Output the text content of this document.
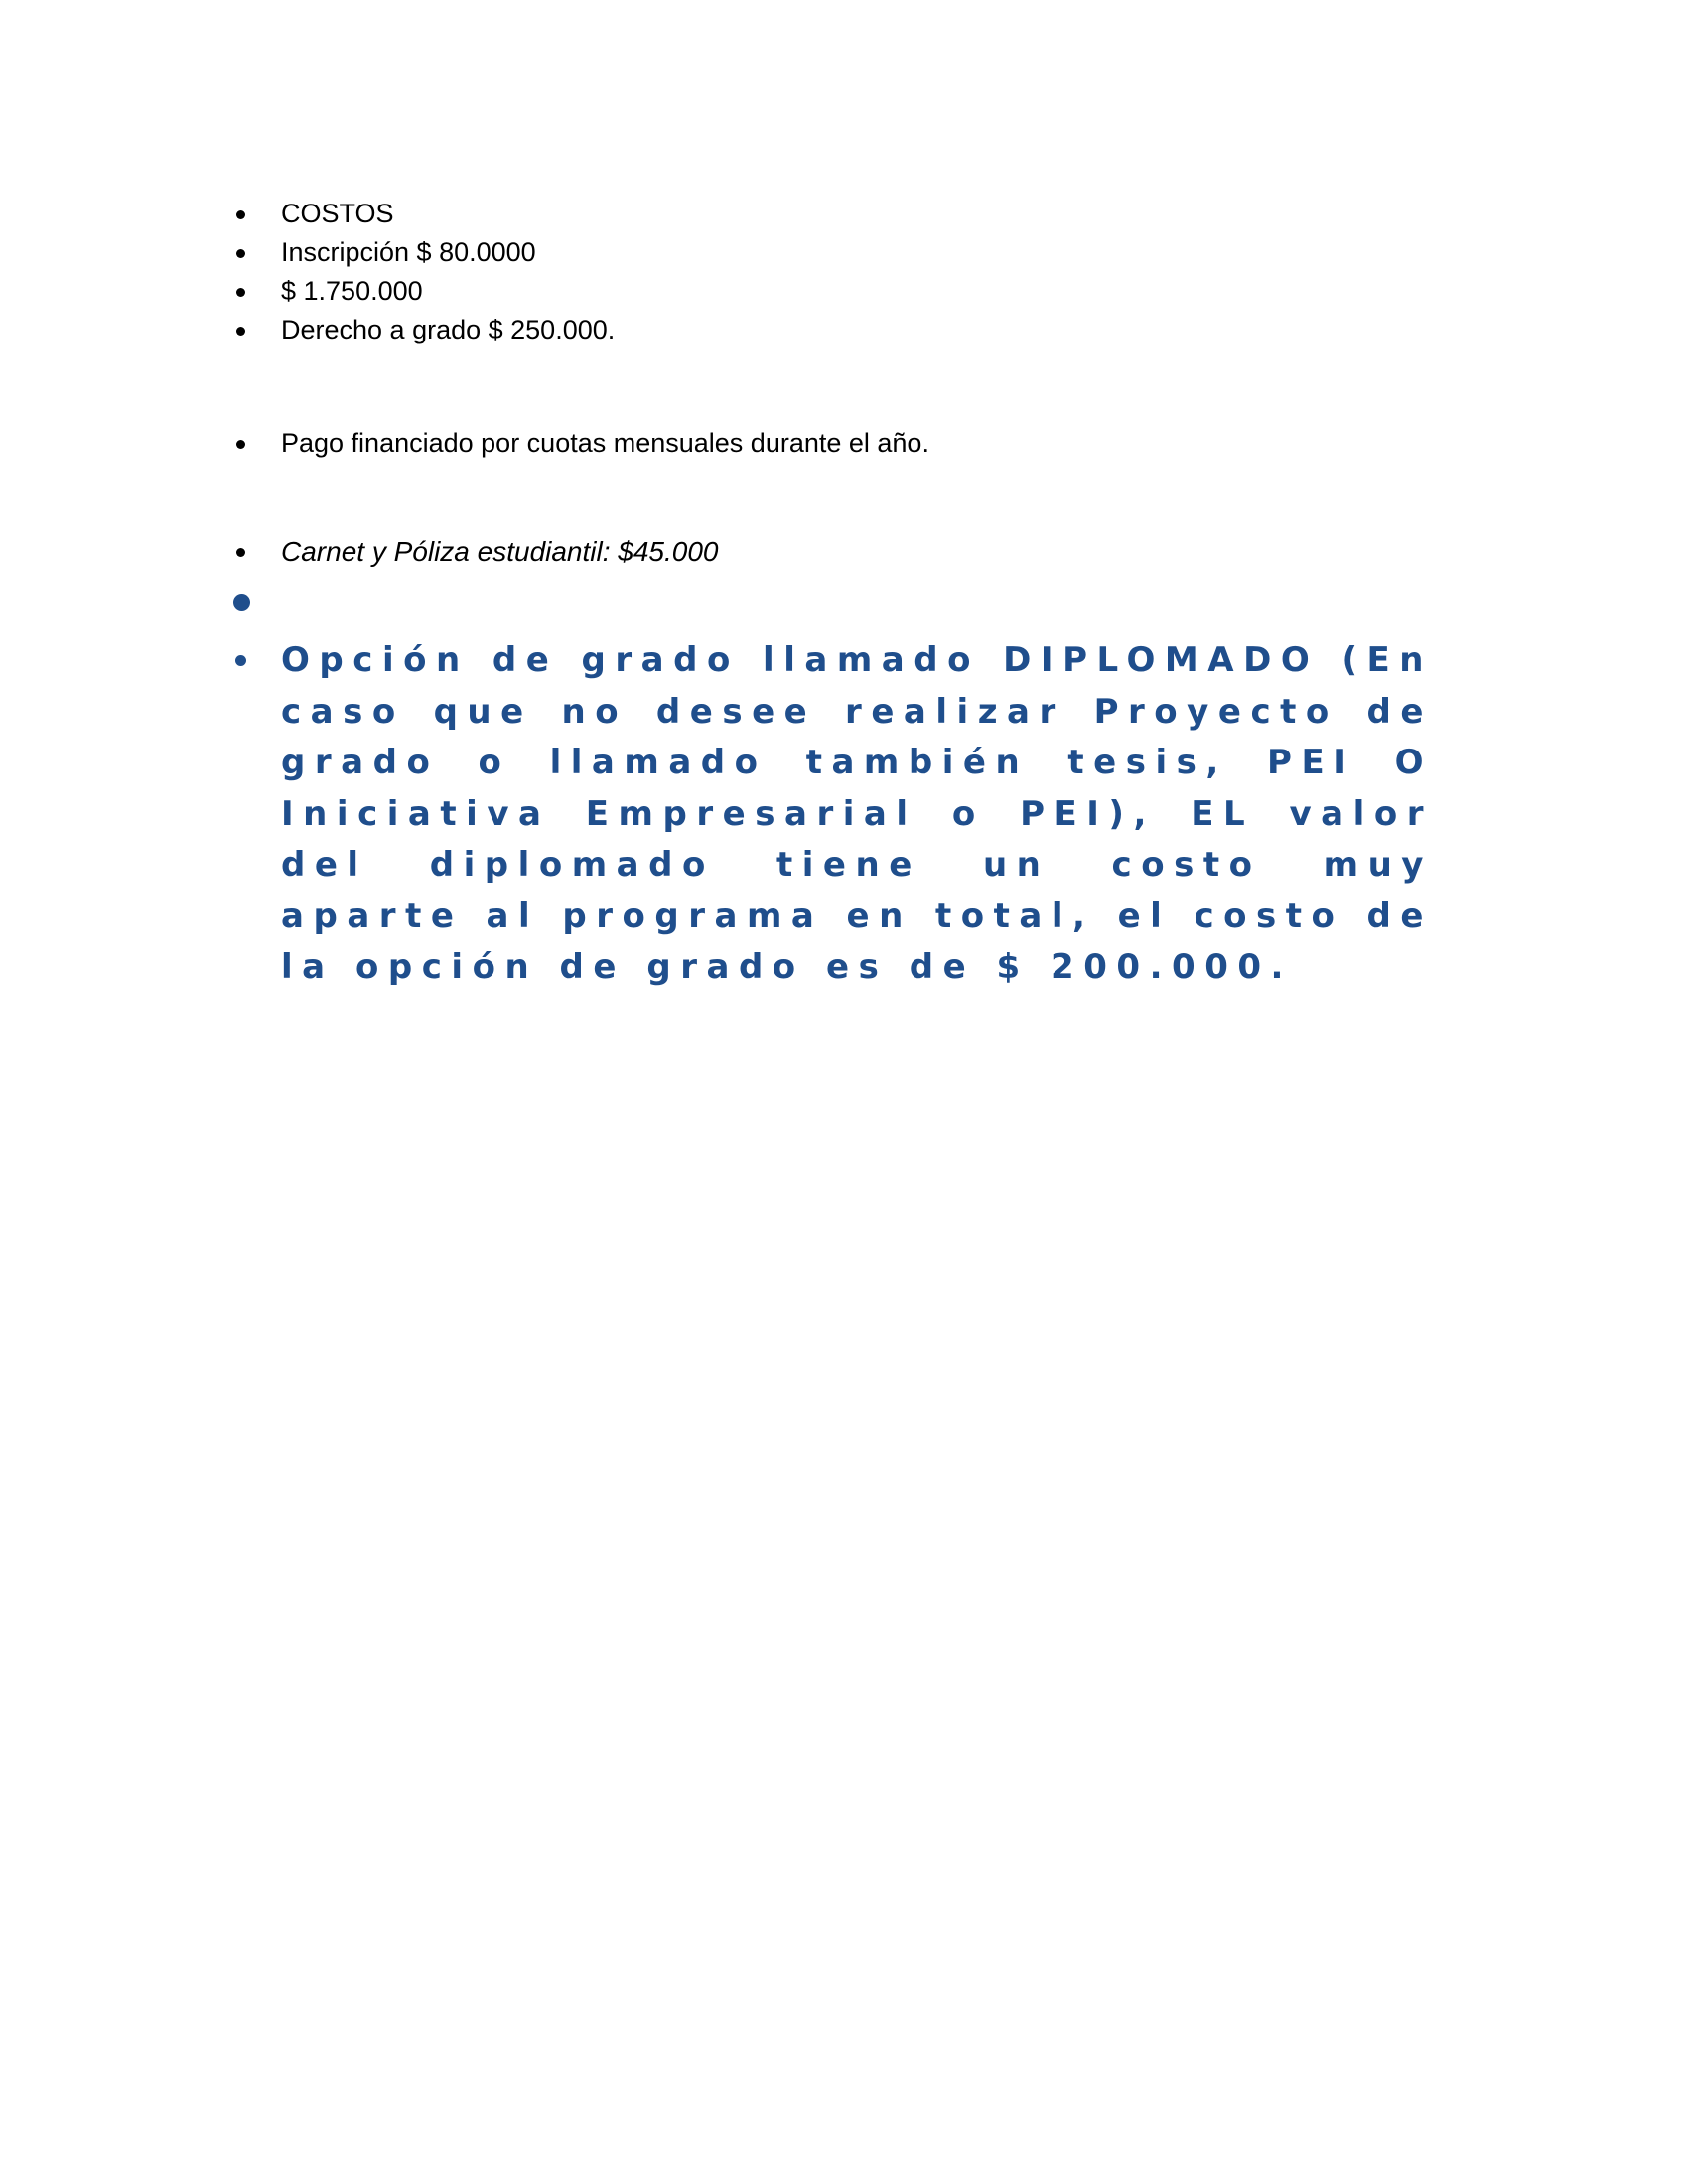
COSTOS
Inscripción $ 80.0000
$ 1.750.000
Derecho a grado $ 250.000.
Pago financiado por cuotas mensuales durante el año.
Carnet y Póliza estudiantil: $45.000
Opción de grado llamado DIPLOMADO (En caso que no desee realizar Proyecto de grado o llamado también tesis, PEI O Iniciativa Empresarial o PEI), EL valor del diplomado tiene un costo muy aparte al programa en total, el costo de la opción de grado es de $ 200.000.
